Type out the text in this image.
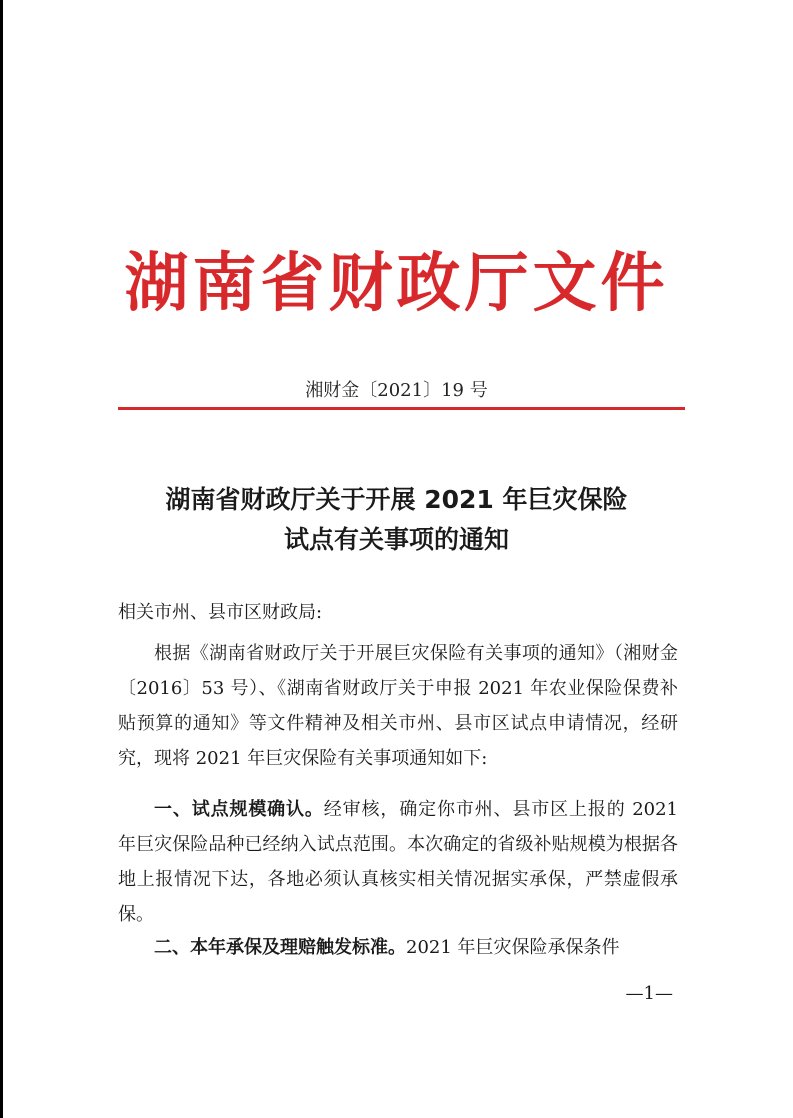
湖南省财政厅文件
湘财金〔2021〕19 号
湖南省财政厅关于开展 2021 年巨灾保险
试点有关事项的通知
相关市州、县市区财政局:
根据《湖南省财政厅关于开展巨灾保险有关事项的通知》（湘财金〔2016〕53 号）、《湖南省财政厅关于申报 2021 年农业保险保费补贴预算的通知》等文件精神及相关市州、县市区试点申请情况，经研究，现将 2021 年巨灾保险有关事项通知如下:
一、试点规模确认。经审核，确定你市州、县市区上报的 2021 年巨灾保险品种已经纳入试点范围。本次确定的省级补贴规模为根据各地上报情况下达，各地必须认真核实相关情况据实承保，严禁虚假承保。
二、本年承保及理赔触发标准。2021 年巨灾保险承保条件
—1—
